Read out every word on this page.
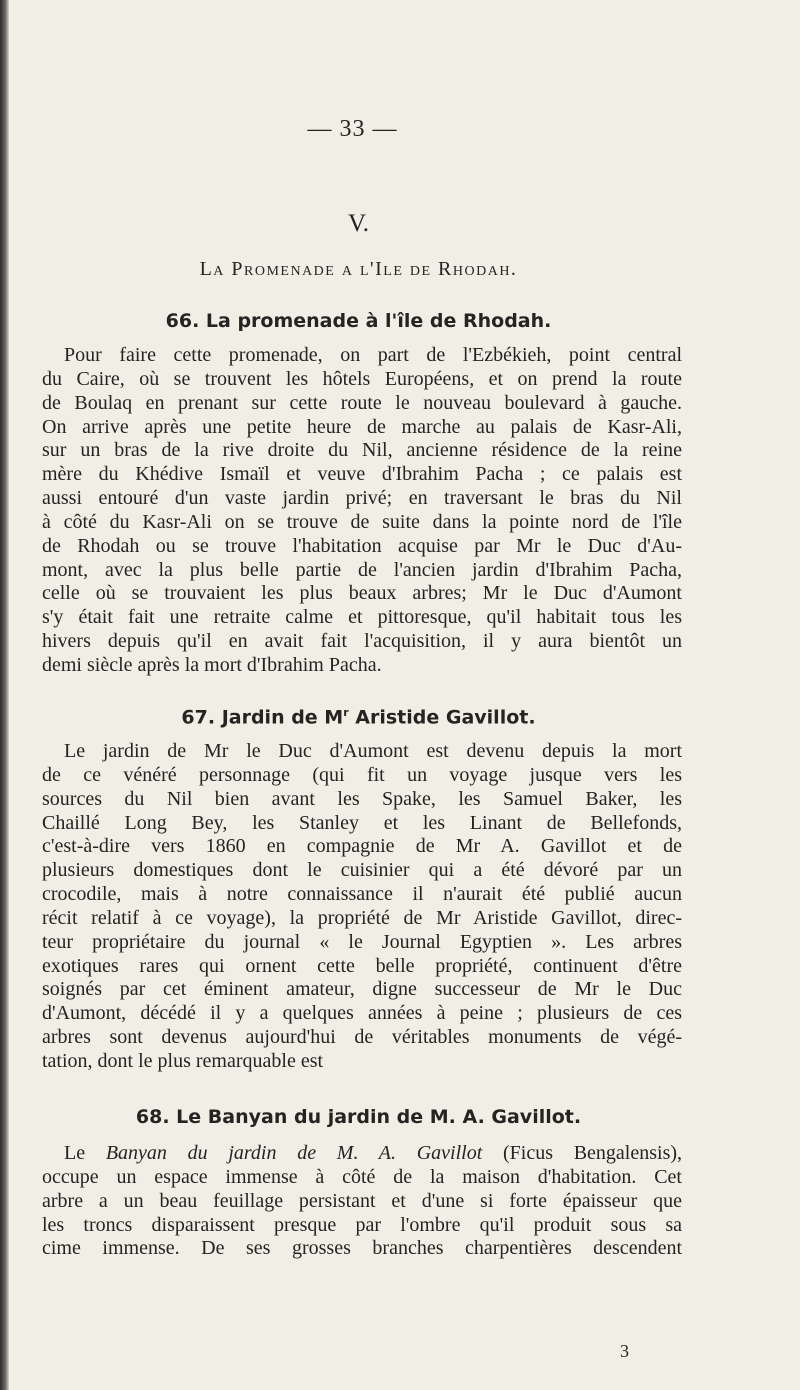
— 33 —
V.
La Promenade a l'Ile de Rhodah.
66. La promenade à l'île de Rhodah.
Pour faire cette promenade, on part de l'Ezbékieh, point central
du Caire, où se trouvent les hôtels Européens, et on prend la route
de Boulaq en prenant sur cette route le nouveau boulevard à gauche.
On arrive après une petite heure de marche au palais de Kasr-Ali,
sur un bras de la rive droite du Nil, ancienne résidence de la reine
mère du Khédive Ismaïl et veuve d'Ibrahim Pacha ; ce palais est
aussi entouré d'un vaste jardin privé; en traversant le bras du Nil
à côté du Kasr-Ali on se trouve de suite dans la pointe nord de l'île
de Rhodah ou se trouve l'habitation acquise par Mr le Duc d'Au-
mont, avec la plus belle partie de l'ancien jardin d'Ibrahim Pacha,
celle où se trouvaient les plus beaux arbres; Mr le Duc d'Aumont
s'y était fait une retraite calme et pittoresque, qu'il habitait tous les
hivers depuis qu'il en avait fait l'acquisition, il y aura bientôt un
demi siècle après la mort d'Ibrahim Pacha.
67. Jardin de $M^r$ Aristide Gavillot.
Le jardin de Mr le Duc d'Aumont est devenu depuis la mort
de ce vénéré personnage (qui fit un voyage jusque vers les
sources du Nil bien avant les Spake, les Samuel Baker, les
Chaillé Long Bey, les Stanley et les Linant de Bellefonds,
c'est-à-dire vers 1860 en compagnie de Mr A. Gavillot et de
plusieurs domestiques dont le cuisinier qui a été dévoré par un
crocodile, mais à notre connaissance il n'aurait été publié aucun
récit relatif à ce voyage), la propriété de Mr Aristide Gavillot, direc-
teur propriétaire du journal « le Journal Egyptien ». Les arbres
exotiques rares qui ornent cette belle propriété, continuent d'être
soignés par cet éminent amateur, digne successeur de Mr le Duc
d'Aumont, décédé il y a quelques années à peine ; plusieurs de ces
arbres sont devenus aujourd'hui de véritables monuments de végé-
tation, dont le plus remarquable est
68. Le Banyan du jardin de M. A. Gavillot.
Le Banyan du jardin de M. A. Gavillot (Ficus Bengalensis),
occupe un espace immense à côté de la maison d'habitation. Cet
arbre a un beau feuillage persistant et d'une si forte épaisseur que
les troncs disparaissent presque par l'ombre qu'il produit sous sa
cime immense. De ses grosses branches charpentières descendent
3
